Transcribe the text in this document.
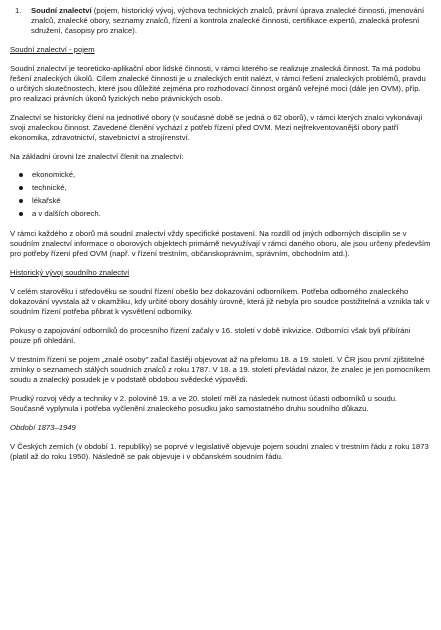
1.	Soudní znalectví (pojem, historický vývoj, výchova technických znalců, právní úprava znalecké činnosti, jmenování znalců, znalecké obory, seznamy znalců, řízení a kontrola znalecké činnosti, certifikace expertů, znalecká profesní sdružení, časopisy pro znalce).
Soudní znalectví - pojem

Soudní znalectví je teoreticko-aplikační obor lidské činnosti, v rámci kterého se realizuje znalecká činnost. Ta má podobu řešení znaleckých úkolů. Cílem znalecké činnosti je u znaleckých entit nalézt, v rámci řešení znaleckých problémů, pravdu o určitých skutečnostech, které jsou důležité zejména pro rozhodovací činnost orgánů veřejné moci (dále jen OVM), příp. pro realizaci právních úkonů fyzických nebo právnických osob.

Znalectví se historicky člení na jednotlivé obory (v současné době se jedná o 62 oborů), v rámci kterých znalci vykonávají svoji znaleckou činnost. Zavedené členění vychází z potřeb řízení před OVM. Mezi nejfrekventovanější obory patří ekonomika, zdravotnictví, stavebnictví a strojírenství.

Na základní úrovni lze znalectví členit na znalectví:

ekonomické,
technické,
lékařské
a v dalších oborech.

V rámci každého z oborů má soudní znalectví vždy specifické postavení. Na rozdíl od jiných odborných disciplín se v soudním znalectví informace o oborových objektech primárně nevyužívají v rámci daného oboru, ale jsou určeny především pro potřeby řízení před OVM (např. v řízení trestním, občanskoprávním, správním, obchodním atd.).

Historický vývoj soudního znalectví

V celém starověku i středověku se soudní řízení obešlo bez dokazování odborníkem. Potřeba odborného znaleckého dokazování vyvstala až v okamžiku, kdy určité obory dosáhly úrovně, která již nebyla pro soudce postižitelná a vznikla tak v soudním řízení potřeba přibrat k vysvětlení odborníky.

Pokusy o zapojování odborníků do procesního řízení začaly v 16. století v době inkvizice. Odborníci však byli přibíráni pouze při ohledání.

V trestním řízení se pojem „znalé osoby" začal častěji objevovat až na přelomu 18. a 19. století. V ČR jsou první zjištitelné zmínky o seznamech stálých soudních znalců z roku 1787. V 18. a 19. století převládal názor, že znalec je jen pomocníkem soudu a znalecký posudek je v podstatě obdobou svědecké výpovědi.

Prudký rozvoj vědy a techniky v 2. polovině 19. a ve 20. století měl za následek nutnost účasti odborníků u soudu. Současně vyplynula i potřeba vyčlenění znaleckého posudku jako samostatného druhu soudního důkazu.

Období 1873–1949

V Českých zemích (v období 1. republiky) se poprvé v legislativě objevuje pojem soudní znalec v trestním řádu z roku 1873 (platil až do roku 1950). Následně se pak objevuje i v občanském soudním řádu.
